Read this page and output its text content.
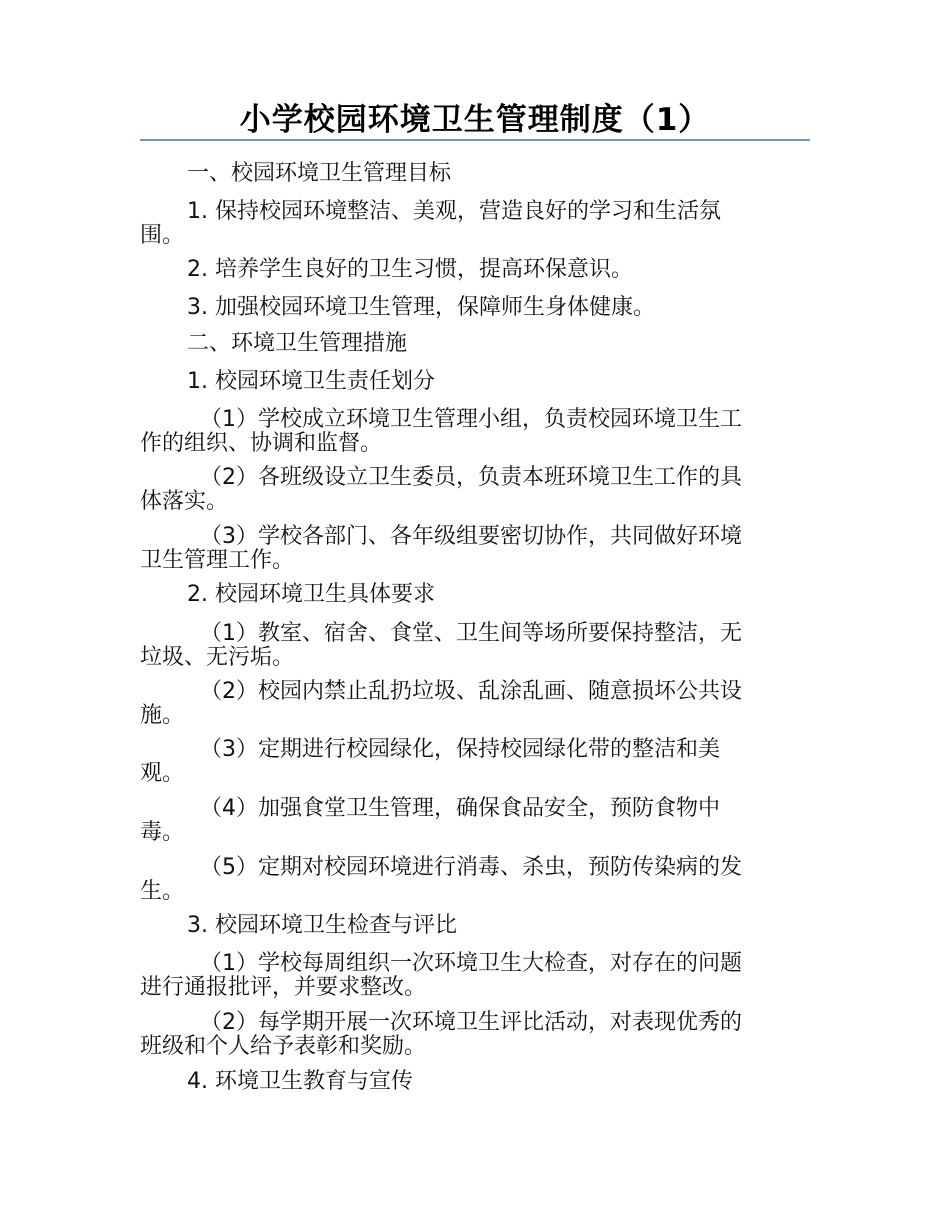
小学校园环境卫生管理制度（1）

一、校园环境卫生管理目标

1. 保持校园环境整洁、美观，营造良好的学习和生活氛
围。

2. 培养学生良好的卫生习惯，提高环保意识。

3. 加强校园环境卫生管理，保障师生身体健康。

二、环境卫生管理措施

1. 校园环境卫生责任划分

（1）学校成立环境卫生管理小组，负责校园环境卫生工
作的组织、协调和监督。

（2）各班级设立卫生委员，负责本班环境卫生工作的具
体落实。

（3）学校各部门、各年级组要密切协作，共同做好环境
卫生管理工作。

2. 校园环境卫生具体要求

（1）教室、宿舍、食堂、卫生间等场所要保持整洁，无
垃圾、无污垢。

（2）校园内禁止乱扔垃圾、乱涂乱画、随意损坏公共设
施。

（3）定期进行校园绿化，保持校园绿化带的整洁和美
观。

（4）加强食堂卫生管理，确保食品安全，预防食物中
毒。

（5）定期对校园环境进行消毒、杀虫，预防传染病的发
生。

3. 校园环境卫生检查与评比

（1）学校每周组织一次环境卫生大检查，对存在的问题
进行通报批评，并要求整改。

（2）每学期开展一次环境卫生评比活动，对表现优秀的
班级和个人给予表彰和奖励。

4. 环境卫生教育与宣传
